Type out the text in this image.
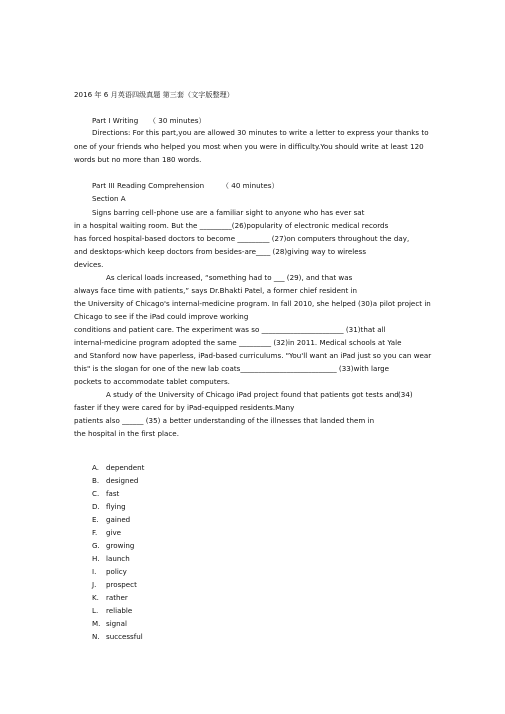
2016 年 6 月英语四级真题 第三套（文字版整理）
Part I Writing　　（ 30 minutes）
Directions: For this part,you are allowed 30 minutes to write a letter to express your thanks to
one of your friends who helped you most when you were in difficulty.You should write at least 120
words but no more than 180 words.
Part III Reading Comprehension　　　（ 40 minutes）
Section A
Signs barring cell-phone use are a familiar sight to anyone who has ever sat
in a hospital waiting room. But the _________(26)popularity of electronic medical records
has forced hospital-based doctors to become _________ (27)on computers throughout the day,
and desktops-which keep doctors from besides-are____ (28)giving way to wireless
devices.
As clerical loads increased, “something had to ___ (29), and that was
always face time with patients,” says Dr.Bhakti Patel, a former chief resident in
the University of Chicago's internal-medicine program. In fall 2010, she helped (30)a pilot project in
Chicago to see if the iPad could improve working
conditions and patient care. The experiment was so _______________________ (31)that all
internal-medicine program adopted the same _________ (32)in 2011. Medical schools at Yale
and Stanford now have paperless, iPad-based curriculums. "You'll want an iPad just so you can wear
this" is the slogan for one of the new lab coats___________________________ (33)with large
pockets to accommodate tablet computers.
A study of the University of Chicago iPad project found that patients got tests and (34)
faster if they were cared for by iPad-equipped residents.Many
patients also ______ (35) a better understanding of the illnesses that landed them in
the hospital in the first place.
A. dependent
B. designed
C. fast
D. flying
E. gained
F. give
G. growing
H. launch
I. policy
J. prospect
K. rather
L. reliable
M. signal
N. successful
